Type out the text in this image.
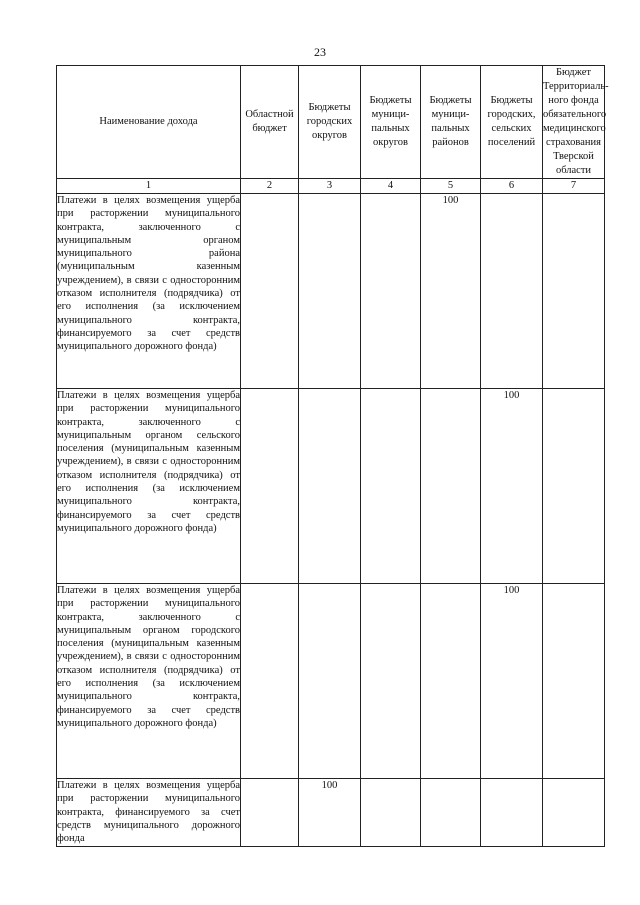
23
Наименование дохода	Областной бюджет	Бюджеты городских округов	Бюджеты муници-пальных округов	Бюджеты муници-пальных районов	Бюджеты городских, сельских поселений	Бюджет Территориаль-ного фонда обязательного медицинского страхования Тверской области
1	2	3	4	5	6	7

Платежи в целях возмещения ущерба при расторжении муниципального контракта, заключенного с муниципальным органом муниципального района (муниципальным казенным учреждением), в связи с односторонним отказом исполнителя (подрядчика) от его исполнения (за исключением муниципального контракта, финансируемого за счет средств муниципального дорожного фонда)				100		

Платежи в целях возмещения ущерба при расторжении муниципального контракта, заключенного с муниципальным органом сельского поселения (муниципальным казенным учреждением), в связи с односторонним отказом исполнителя (подрядчика) от его исполнения (за исключением муниципального контракта, финансируемого за счет средств муниципального дорожного фонда)					100	

Платежи в целях возмещения ущерба при расторжении муниципального контракта, заключенного с муниципальным органом городского поселения (муниципальным казенным учреждением), в связи с односторонним отказом исполнителя (подрядчика) от его исполнения (за исключением муниципального контракта, финансируемого за счет средств муниципального дорожного фонда)					100	

Платежи в целях возмещения ущерба при расторжении муниципального контракта, финансируемого за счет средств муниципального дорожного фонда		100				
